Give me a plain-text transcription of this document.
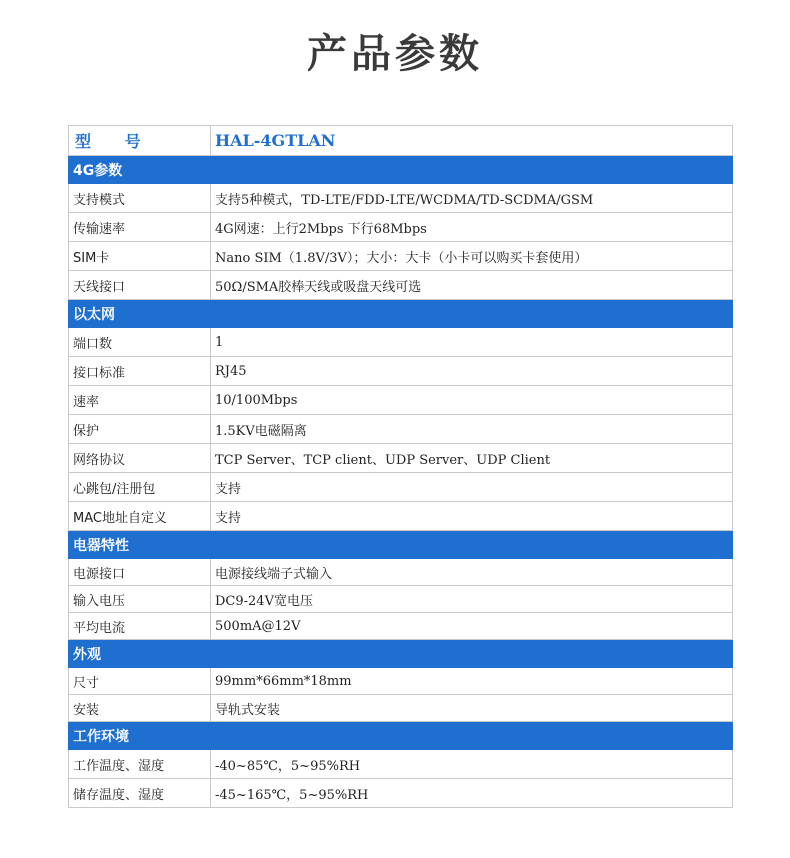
产品参数
型 号	HAL-4GTLAN
4G参数	
支持模式	支持5种模式，TD-LTE/FDD-LTE/WCDMA/TD-SCDMA/GSM
传输速率	4G网速：上行2Mbps 下行68Mbps
SIM卡	Nano SIM（1.8V/3V）；大小：大卡（小卡可以购买卡套使用）
天线接口	50Ω/SMA胶棒天线或吸盘天线可选
以太网	
端口数	1
接口标准	RJ45
速率	10/100Mbps
保护	1.5KV电磁隔离
网络协议	TCP Server、TCP client、UDP Server、UDP Client
心跳包/注册包	支持
MAC地址自定义	支持
电器特性	
电源接口	电源接线端子式输入
输入电压	DC9-24V宽电压
平均电流	500mA@12V
外观	
尺寸	99mm*66mm*18mm
安装	导轨式安装
工作环境	
工作温度、湿度	-40~85℃，5~95%RH
储存温度、湿度	-45~165℃，5~95%RH
